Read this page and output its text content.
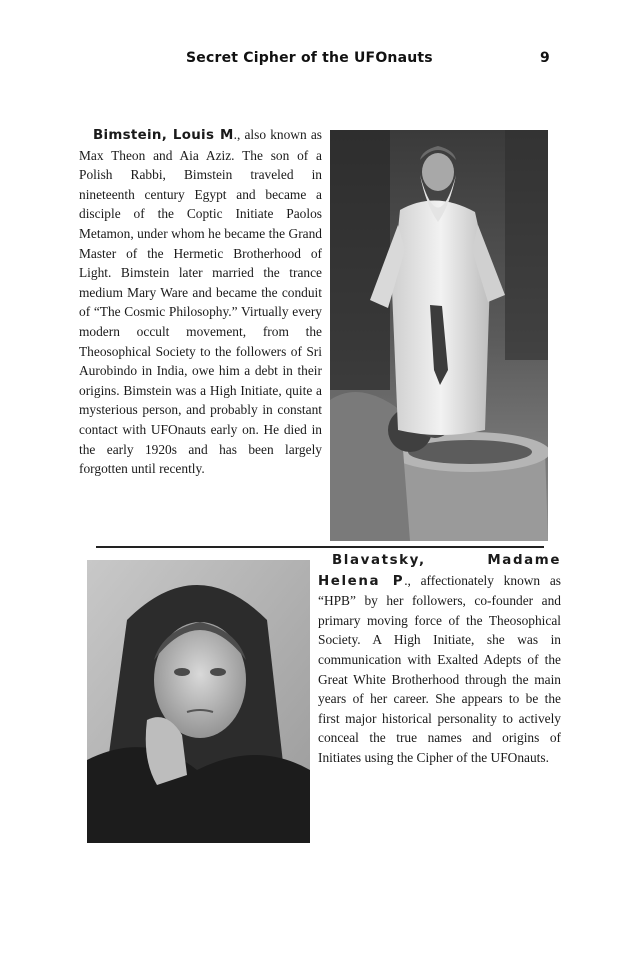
Secret Cipher of the UFOnauts	9
Bimstein, Louis M., also known as Max Theon and Aia Aziz. The son of a Polish Rabbi, Bimstein traveled in nineteenth century Egypt and became a disciple of the Coptic Initiate Paolos Metamon, under whom he became the Grand Master of the Hermetic Brotherhood of Light. Bimstein later married the trance medium Mary Ware and became the conduit of “The Cosmic Philosophy.” Virtually every modern occult movement, from the Theosophical Society to the followers of Sri Aurobindo in India, owe him a debt in their origins. Bimstein was a High Initiate, quite a mysterious person, and probably in constant contact with UFOnauts early on. He died in the early 1920s and has been largely forgotten until recently.
Blavatsky, Madame Helena P., affectionately known as “HPB” by her followers, co-founder and primary moving force of the Theosophical Society. A High Initiate, she was in communication with Exalted Adepts of the Great White Brotherhood through the main years of her career. She appears to be the first major historical personality to actively conceal the true names and origins of Initiates using the Cipher of the UFOnauts.
